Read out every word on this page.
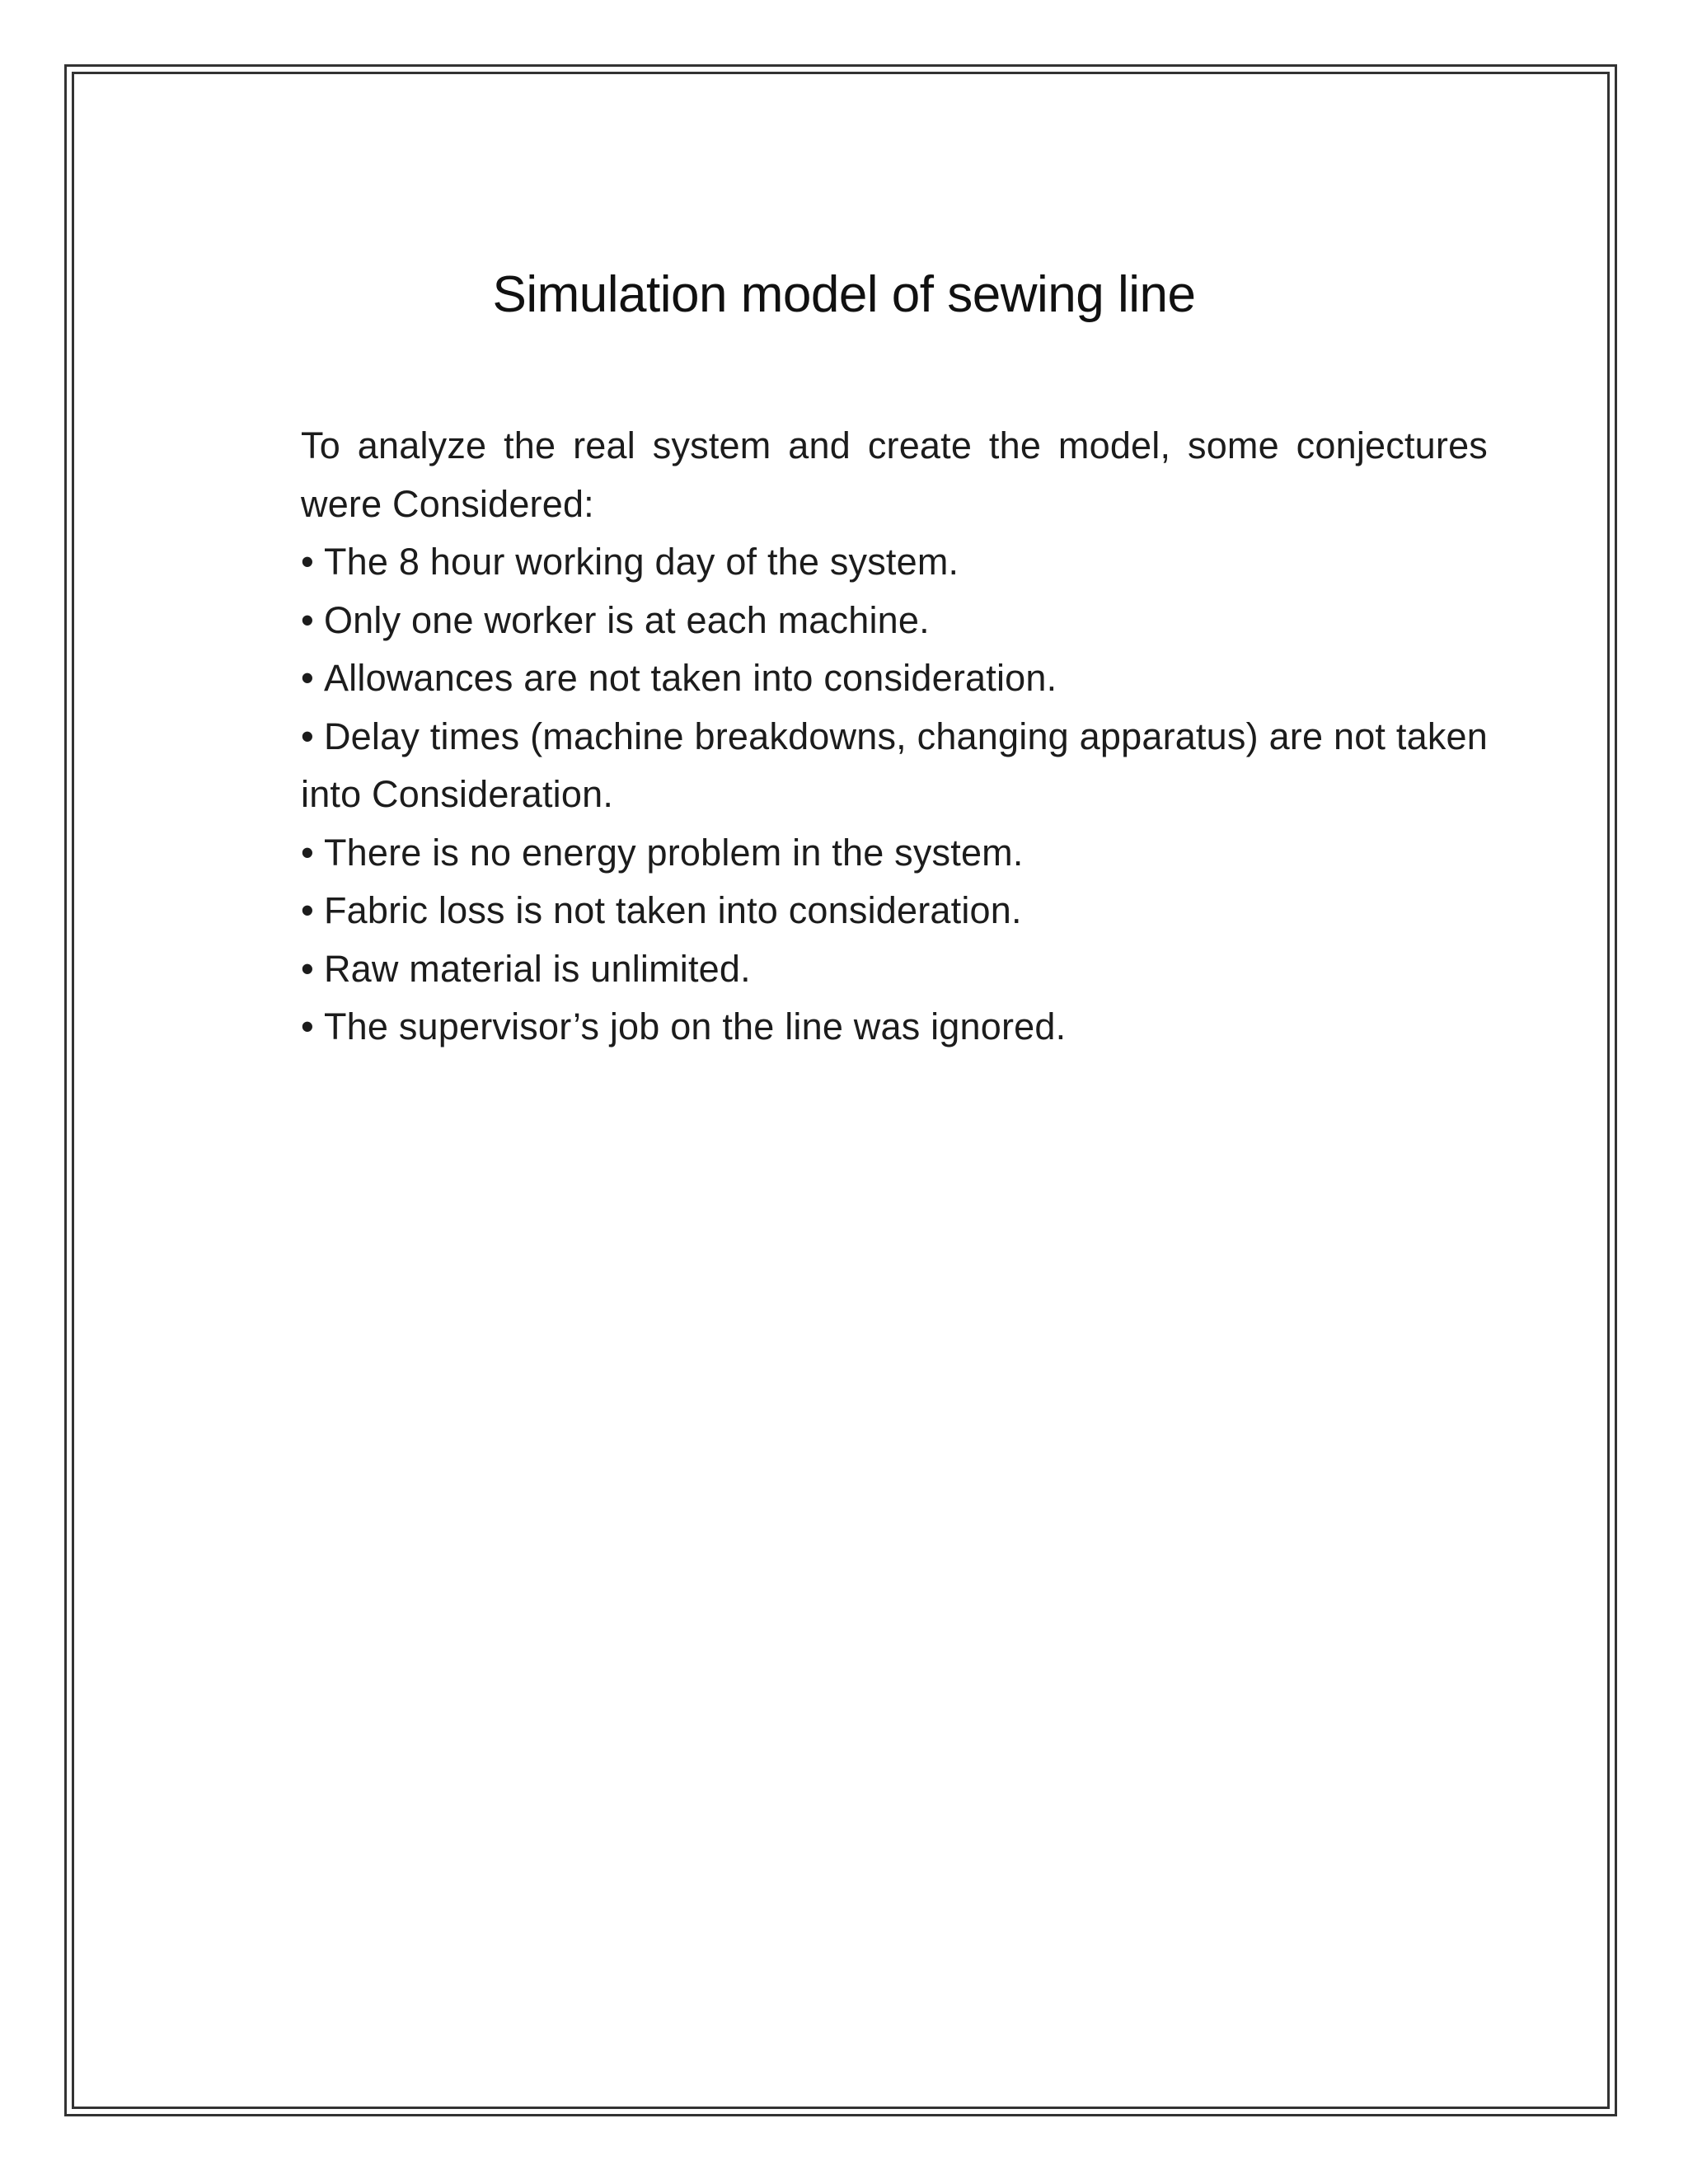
Simulation model of sewing line

To analyze the real system and create the model, some conjectures were Considered:

• The 8 hour working day of the system.
• Only one worker is at each machine.
• Allowances are not taken into consideration.
• Delay times (machine breakdowns, changing apparatus) are not taken into Consideration.
• There is no energy problem in the system.
• Fabric loss is not taken into consideration.
• Raw material is unlimited.
• The supervisor’s job on the line was ignored.
